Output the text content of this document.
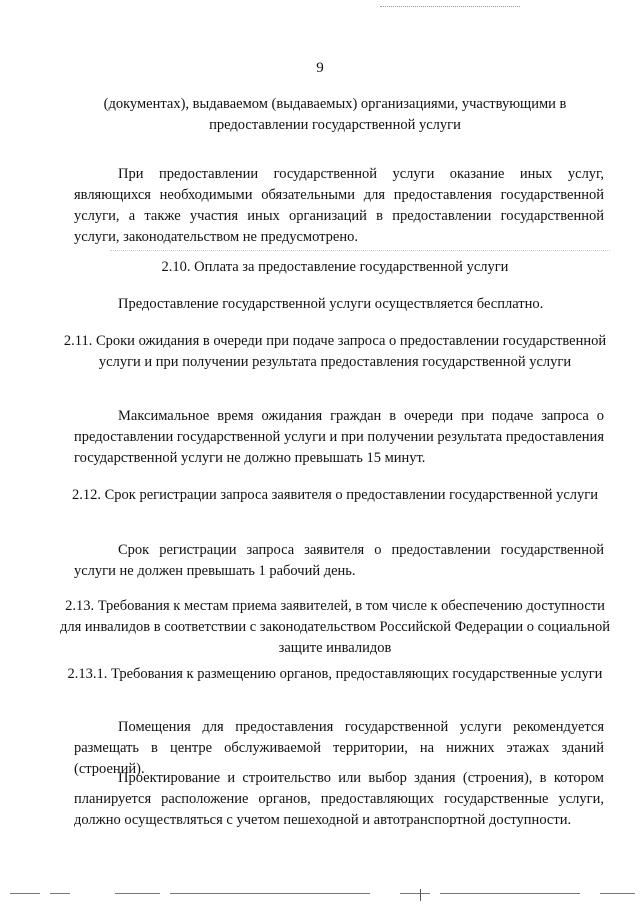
9
(документах), выдаваемом (выдаваемых) организациями, участвующими в предоставлении государственной услуги
При предоставлении государственной услуги оказание иных услуг, являющихся необходимыми обязательными для предоставления государственной услуги, а также участия иных организаций в предоставлении государственной услуги, законодательством не предусмотрено.
2.10. Оплата за предоставление государственной услуги
Предоставление государственной услуги осуществляется бесплатно.
2.11. Сроки ожидания в очереди при подаче запроса о предоставлении государственной услуги и при получении результата предоставления государственной услуги
Максимальное время ожидания граждан в очереди при подаче запроса о предоставлении государственной услуги и при получении результата предоставления государственной услуги не должно превышать 15 минут.
2.12. Срок регистрации запроса заявителя о предоставлении государственной услуги
Срок регистрации запроса заявителя о предоставлении государственной услуги не должен превышать 1 рабочий день.
2.13. Требования к местам приема заявителей, в том числе к обеспечению доступности для инвалидов в соответствии с законодательством Российской Федерации о социальной защите инвалидов
2.13.1. Требования к размещению органов, предоставляющих государственные услуги
Помещения для предоставления государственной услуги рекомендуется размещать в центре обслуживаемой территории, на нижних этажах зданий (строений).
Проектирование и строительство или выбор здания (строения), в котором планируется расположение органов, предоставляющих государственные услуги, должно осуществляться с учетом пешеходной и автотранспортной доступности.
